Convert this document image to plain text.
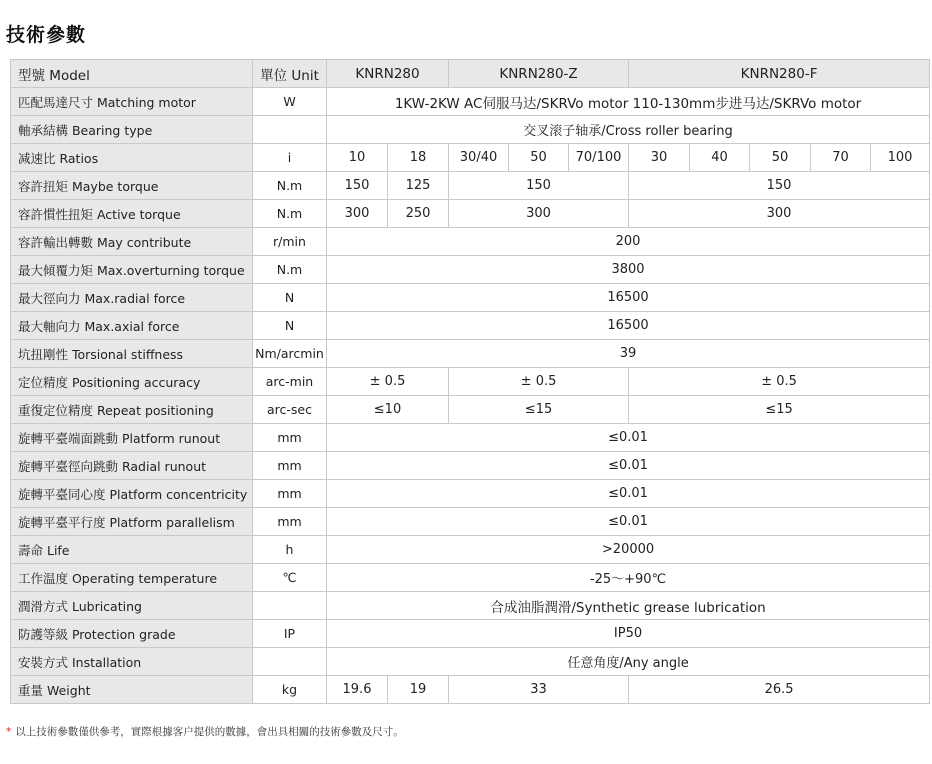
技術參數
型號 Model	單位 Unit	KNRN280		KNRN280-Z			KNRN280-F				
匹配馬達尺寸 Matching motor	W	1KW-2KW AC伺服马达/SKRVo motor 110-130mm步进马达/SKRVo motor									
軸承結構 Bearing type		交叉滚子轴承/Cross roller bearing									
减速比 Ratios	i	10	18	30/40	50	70/100	30	40	50	70	100
容許扭矩 Maybe torque	N.m	150	125	150			150				
容許慣性扭矩 Active torque	N.m	300	250	300			300				
容許輸出轉數 May contribute	r/min	200									
最大傾覆力矩 Max.overturning torque	N.m	3800									
最大徑向力 Max.radial force	N	16500									
最大軸向力 Max.axial force	N	16500									
坑扭剛性 Torsional stiffness	Nm/arcmin	39									
定位精度 Positioning accuracy	arc-min	± 0.5		± 0.5			± 0.5				
重復定位精度 Repeat positioning	arc-sec	≤10		≤15			≤15				
旋轉平臺端面跳動 Platform runout	mm	≤0.01									
旋轉平臺徑向跳動 Radial runout	mm	≤0.01									
旋轉平臺同心度 Platform concentricity	mm	≤0.01									
旋轉平臺平行度 Platform parallelism	mm	≤0.01									
壽命 Life	h	>20000									
工作温度 Operating temperature	℃	-25～+90℃									
潤滑方式 Lubricating		合成油脂潤滑/Synthetic grease lubrication									
防護等級 Protection grade	IP	IP50									
安裝方式 Installation		任意角度/Any angle									
重量 Weight	kg	19.6	19	33			26.5				
* 以上技術參數僅供參考，實際根據客户提供的數據，會出具相關的技術參數及尺寸。
